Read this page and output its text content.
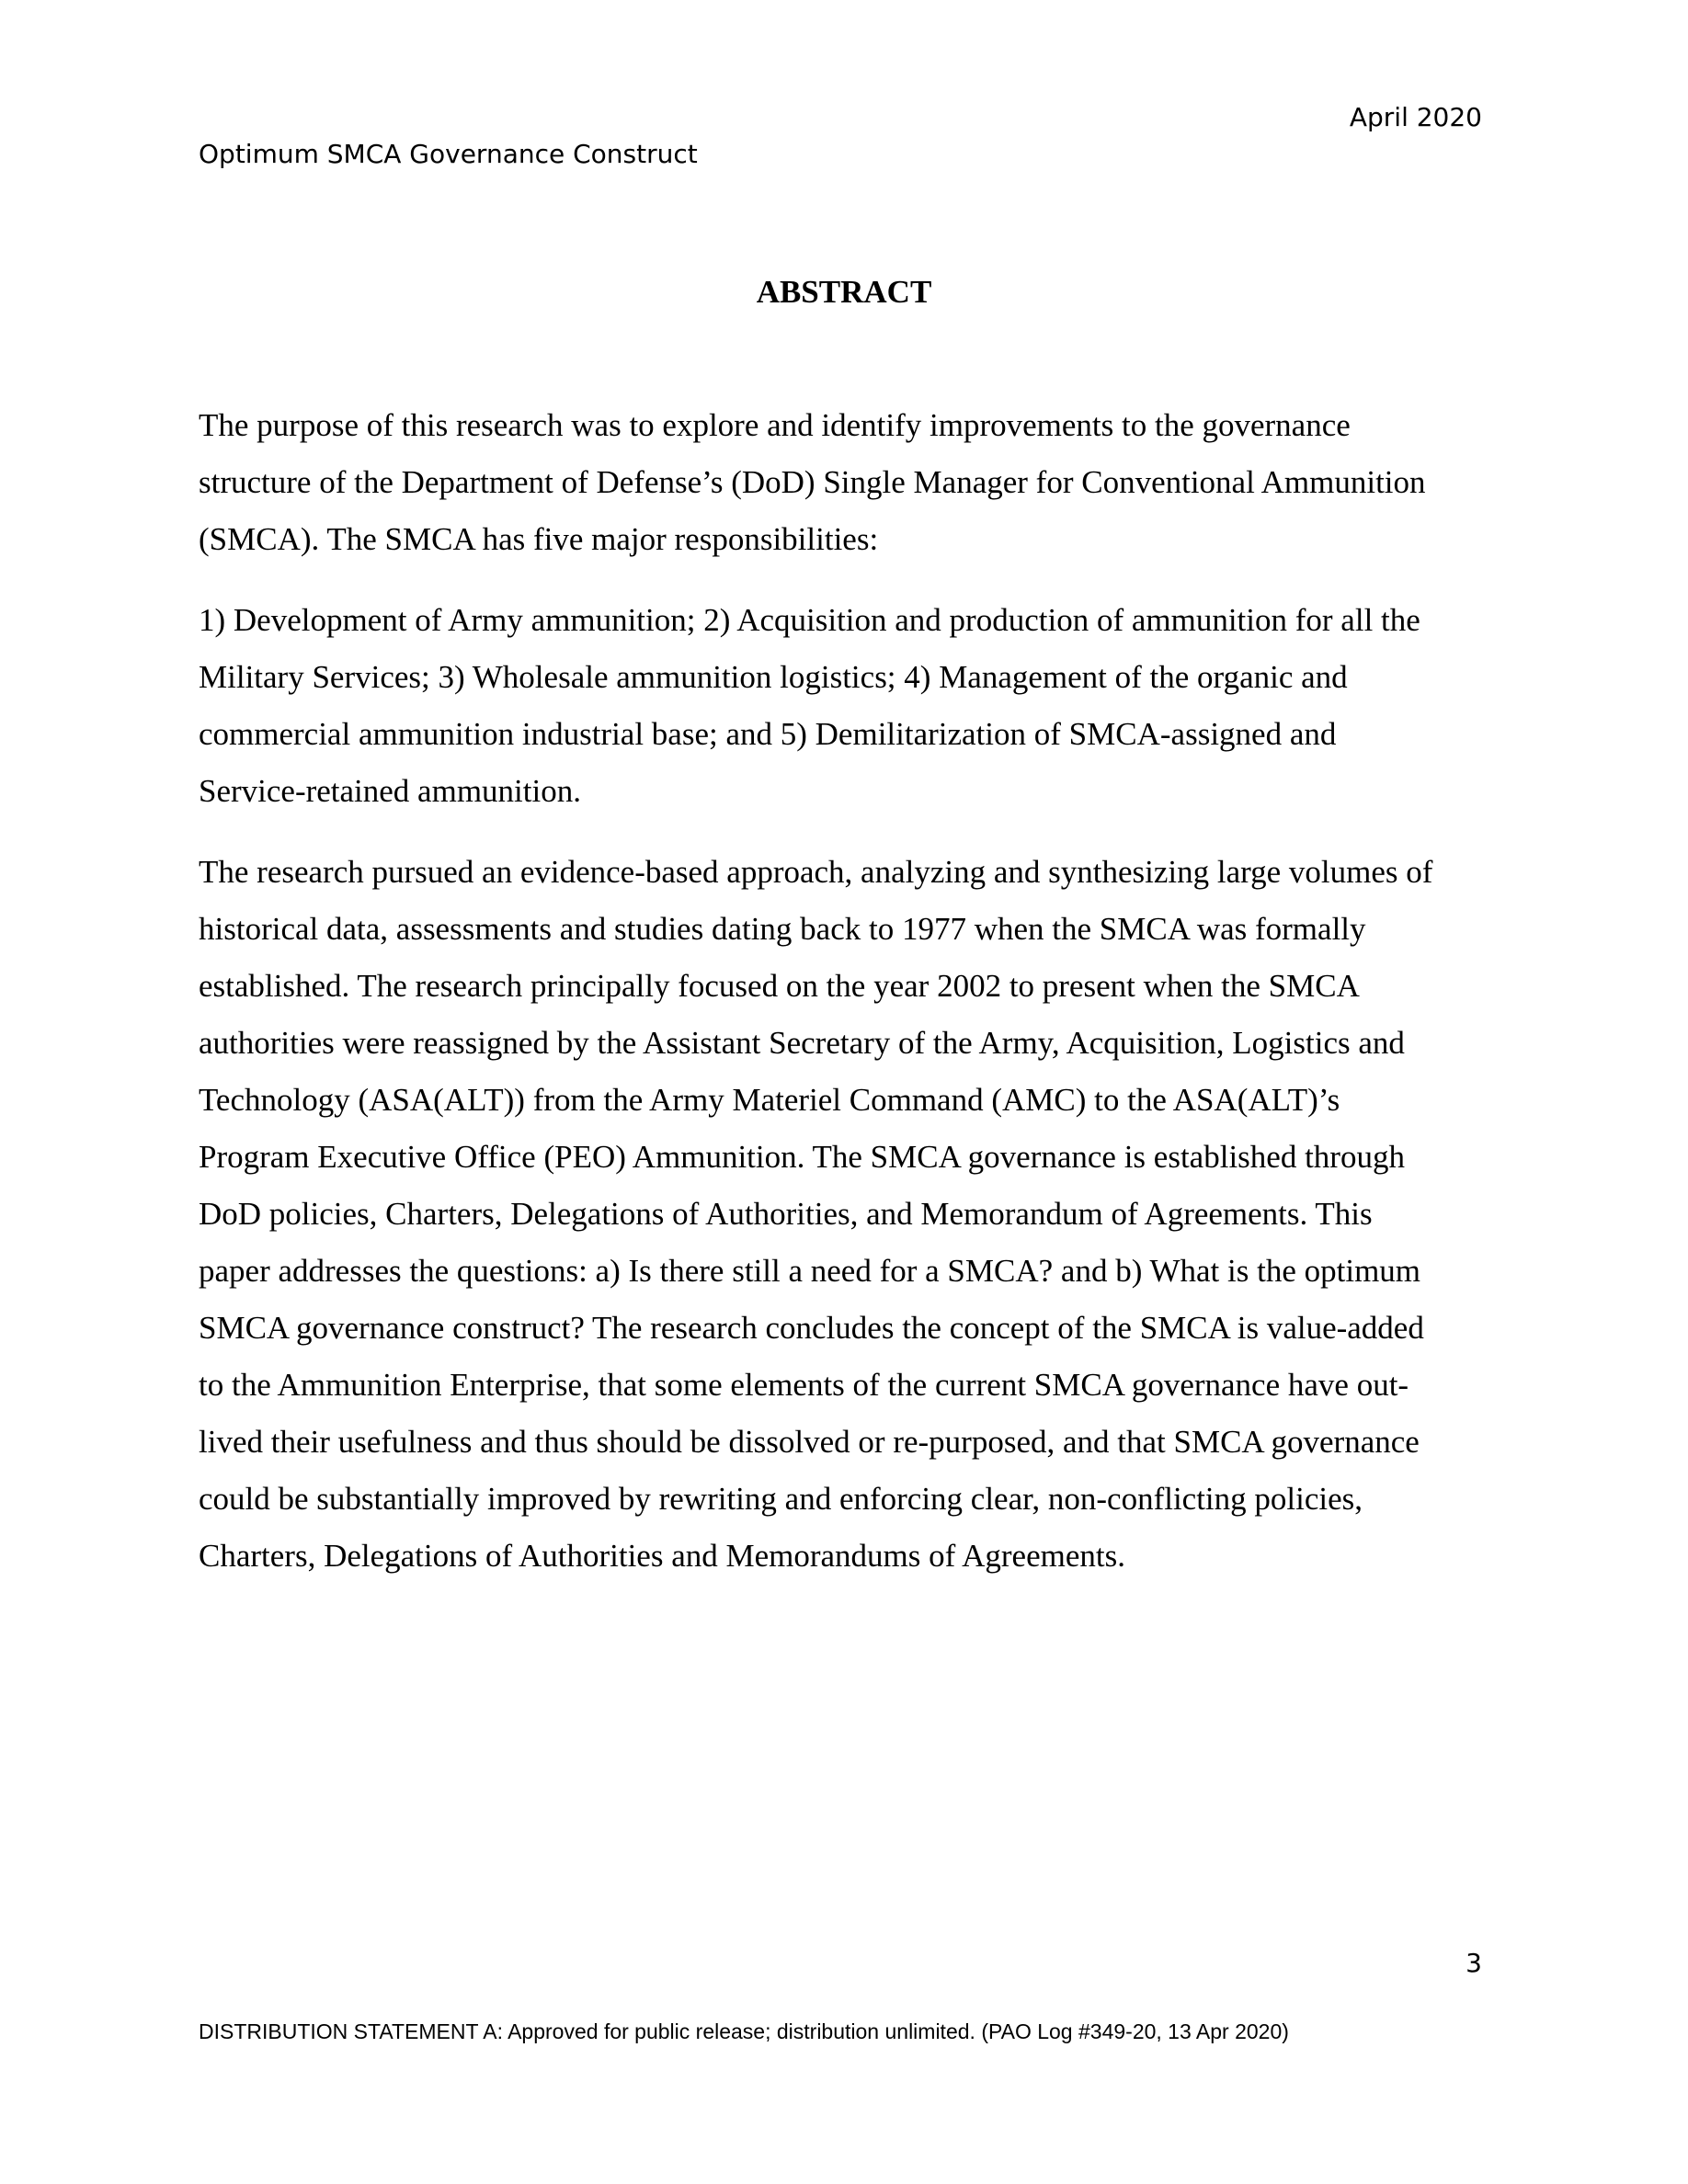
April 2020
Optimum SMCA Governance Construct
ABSTRACT

The purpose of this research was to explore and identify improvements to the governance
structure of the Department of Defense’s (DoD) Single Manager for Conventional Ammunition
(SMCA). The SMCA has five major responsibilities:

1) Development of Army ammunition; 2) Acquisition and production of ammunition for all the
Military Services; 3) Wholesale ammunition logistics; 4) Management of the organic and
commercial ammunition industrial base; and 5) Demilitarization of SMCA-assigned and
Service-retained ammunition.

The research pursued an evidence-based approach, analyzing and synthesizing large volumes of
historical data, assessments and studies dating back to 1977 when the SMCA was formally
established. The research principally focused on the year 2002 to present when the SMCA
authorities were reassigned by the Assistant Secretary of the Army, Acquisition, Logistics and
Technology (ASA(ALT)) from the Army Materiel Command (AMC) to the ASA(ALT)’s
Program Executive Office (PEO) Ammunition. The SMCA governance is established through
DoD policies, Charters, Delegations of Authorities, and Memorandum of Agreements. This
paper addresses the questions: a) Is there still a need for a SMCA? and b) What is the optimum
SMCA governance construct? The research concludes the concept of the SMCA is value-added
to the Ammunition Enterprise, that some elements of the current SMCA governance have out-
lived their usefulness and thus should be dissolved or re-purposed, and that SMCA governance
could be substantially improved by rewriting and enforcing clear, non-conflicting policies,
Charters, Delegations of Authorities and Memorandums of Agreements.

3
DISTRIBUTION STATEMENT A: Approved for public release; distribution unlimited. (PAO Log #349-20, 13 Apr 2020)
